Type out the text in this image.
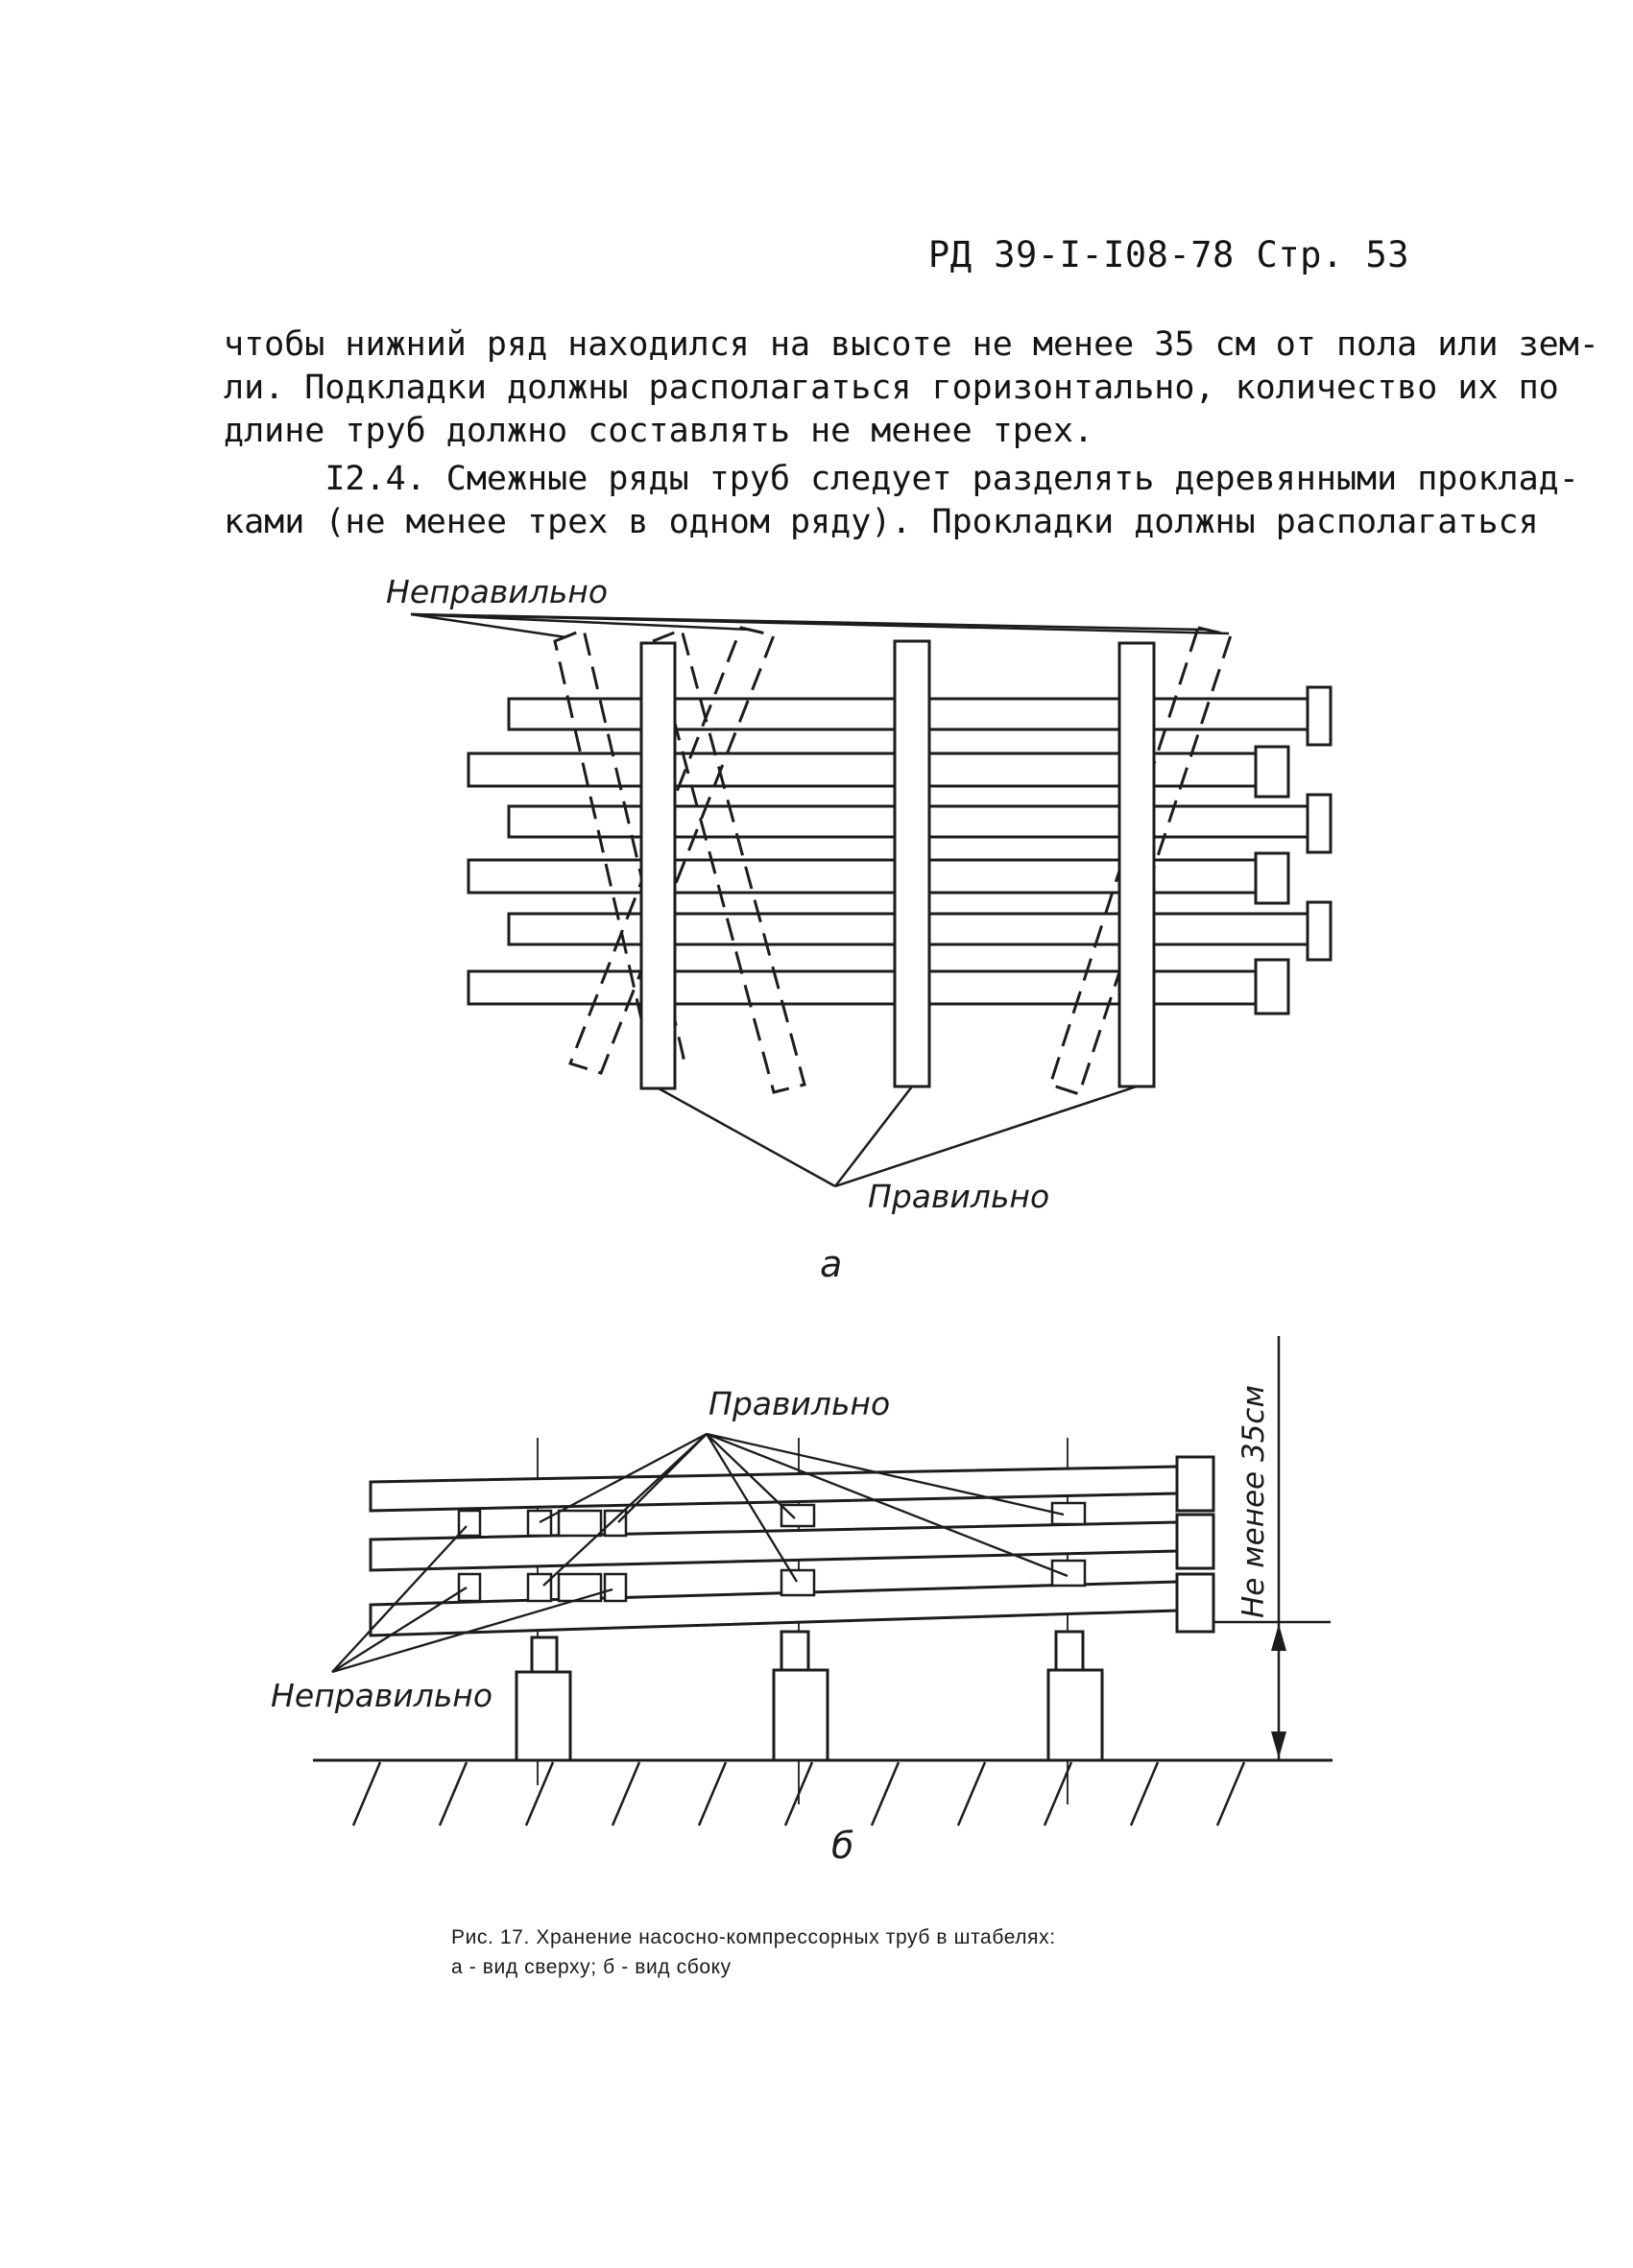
РД 39-I-I08-78 Стр. 53
чтобы нижний ряд находился на высоте не менее 35 см от пола или зем-
ли. Подкладки должны располагаться горизонтально, количество их по
длине труб должно составлять не менее трех.
I2.4. Смежные ряды труб следует разделять деревянными проклад-
ками (не менее трех в одном ряду). Прокладки должны располагаться
Неправильно
Правильно
а
Правильно
Неправильно
Не менее 35см
б
Рис. 17. Хранение насосно-компрессорных труб в штабелях:
а - вид сверху; б - вид сбоку
